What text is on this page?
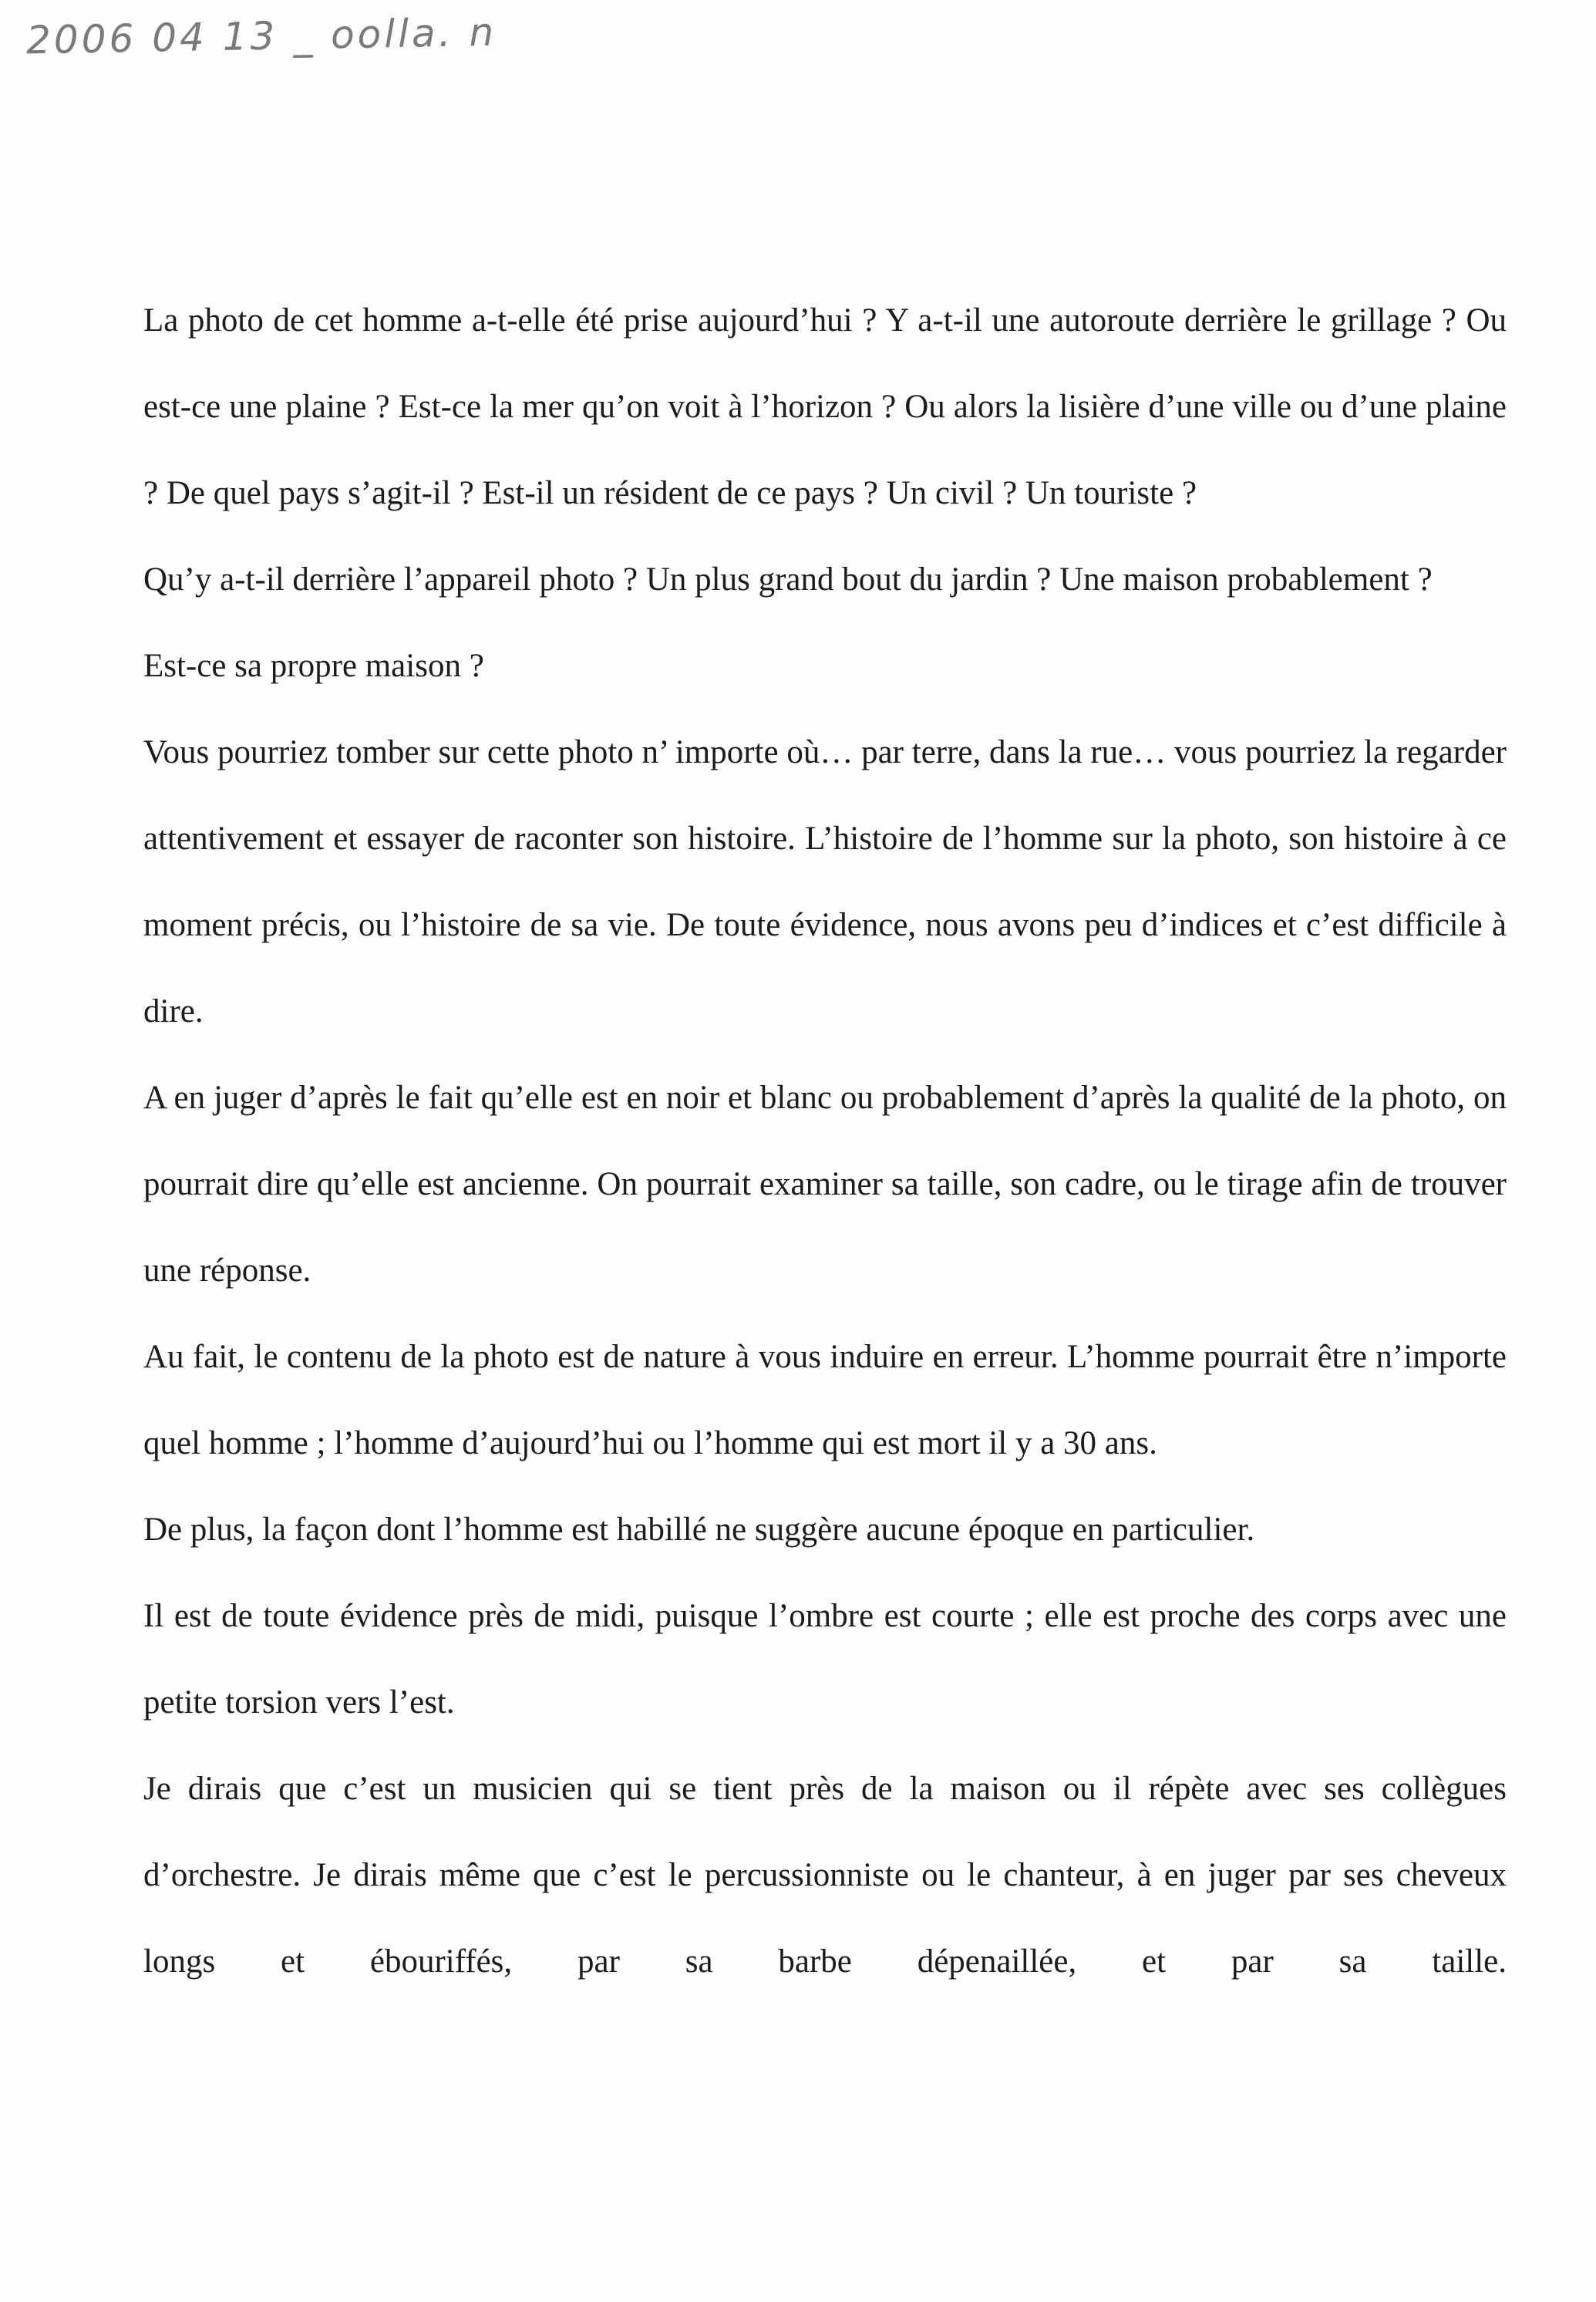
2006 04 13 _ oolla. n

La photo de cet homme a-t-elle été prise aujourd’hui ? Y a-t-il une autoroute derrière le grillage ? Ou est-ce une plaine ? Est-ce la mer qu’on voit à l’horizon ? Ou alors la lisière d’une ville ou d’une plaine ? De quel pays s’agit-il ? Est-il un résident de ce pays ? Un civil ? Un touriste ?

Qu’y a-t-il derrière l’appareil photo ? Un plus grand bout du jardin ? Une maison probablement ?

Est-ce sa propre maison ?

Vous pourriez tomber sur cette photo n’ importe où… par terre, dans la rue… vous pourriez la regarder attentivement et essayer de raconter son histoire. L’histoire de l’homme sur la photo, son histoire à ce moment précis, ou l’histoire de sa vie. De toute évidence, nous avons peu d’indices et c’est difficile à dire.

A en juger d’après le fait qu’elle est en noir et blanc ou probablement d’après la qualité de la photo, on pourrait dire qu’elle est ancienne. On pourrait examiner sa taille, son cadre, ou le tirage afin de trouver une réponse.

Au fait, le contenu de la photo est de nature à vous induire en erreur. L’homme pourrait être n’importe quel homme ; l’homme d’aujourd’hui ou l’homme qui est mort il y a 30 ans.

De plus, la façon dont l’homme est habillé ne suggère aucune époque en particulier.

Il est de toute évidence près de midi, puisque l’ombre est courte ; elle est proche des corps avec une petite torsion vers l’est.

Je dirais que c’est un musicien qui se tient près de la maison ou il répète avec ses collègues d’orchestre. Je dirais même que c’est le percussionniste ou le chanteur, à en juger par ses cheveux longs et ébouriffés, par sa barbe dépenaillée, et par sa taille.
